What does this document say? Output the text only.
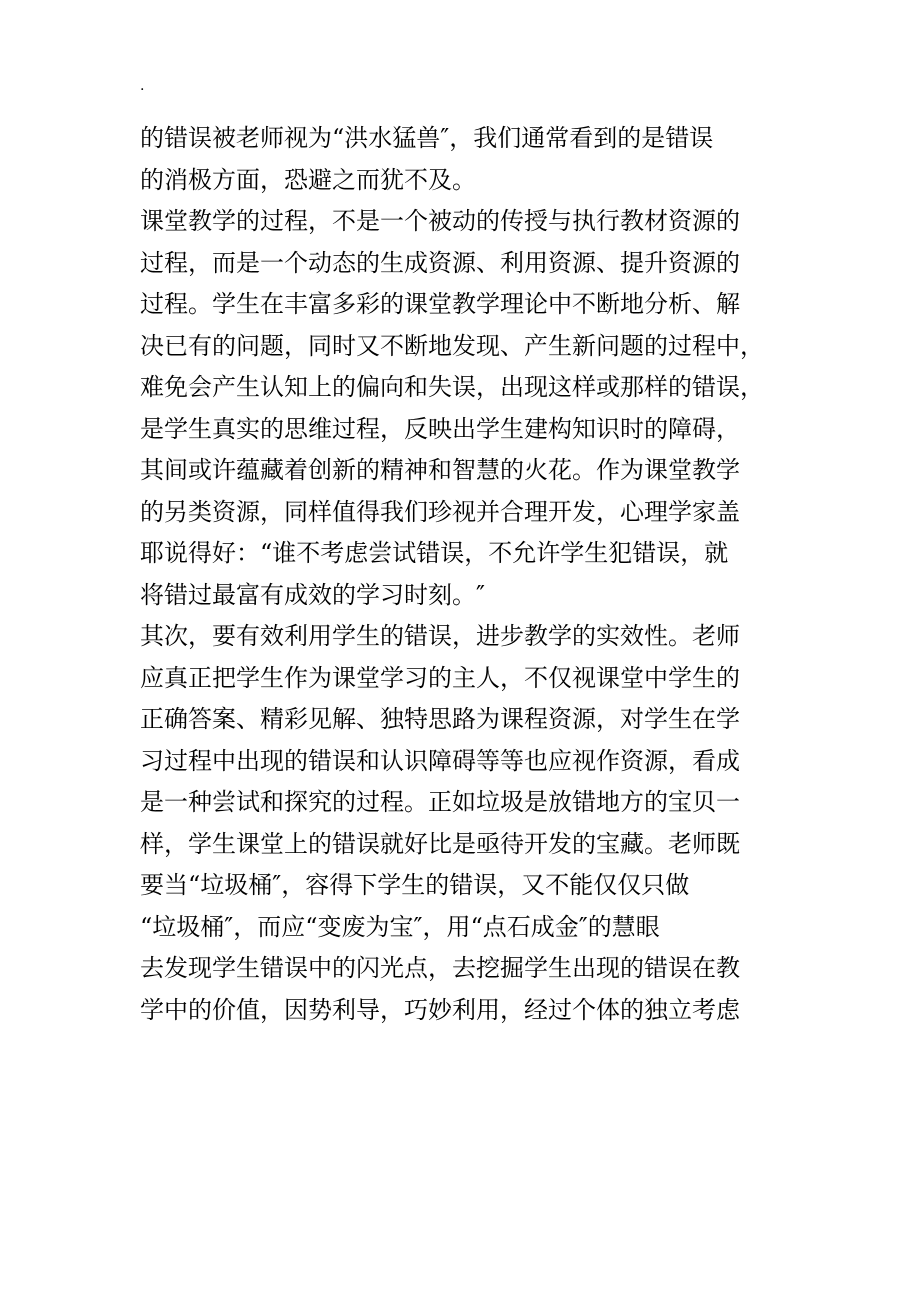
.
的错误被老师视为“洪水猛兽″，我们通常看到的是错误
的消极方面，恐避之而犹不及。
课堂教学的过程，不是一个被动的传授与执行教材资源的
过程，而是一个动态的生成资源、利用资源、提升资源的
过程。学生在丰富多彩的课堂教学理论中不断地分析、解
决已有的问题，同时又不断地发现、产生新问题的过程中，
难免会产生认知上的偏向和失误，出现这样或那样的错误，
是学生真实的思维过程，反映出学生建构知识时的障碍，
其间或许蕴藏着创新的精神和智慧的火花。作为课堂教学
的另类资源，同样值得我们珍视并合理开发，心理学家盖
耶说得好：“谁不考虑尝试错误，不允许学生犯错误，就
将错过最富有成效的学习时刻。″
其次，要有效利用学生的错误，进步教学的实效性。老师
应真正把学生作为课堂学习的主人，不仅视课堂中学生的
正确答案、精彩见解、独特思路为课程资源，对学生在学
习过程中出现的错误和认识障碍等等也应视作资源，看成
是一种尝试和探究的过程。正如垃圾是放错地方的宝贝一
样，学生课堂上的错误就好比是亟待开发的宝藏。老师既
要当“垃圾桶″，容得下学生的错误，又不能仅仅只做
“垃圾桶″，而应“变废为宝″，用“点石成金″的慧眼
去发现学生错误中的闪光点，去挖掘学生出现的错误在教
学中的价值，因势利导，巧妙利用，经过个体的独立考虑
